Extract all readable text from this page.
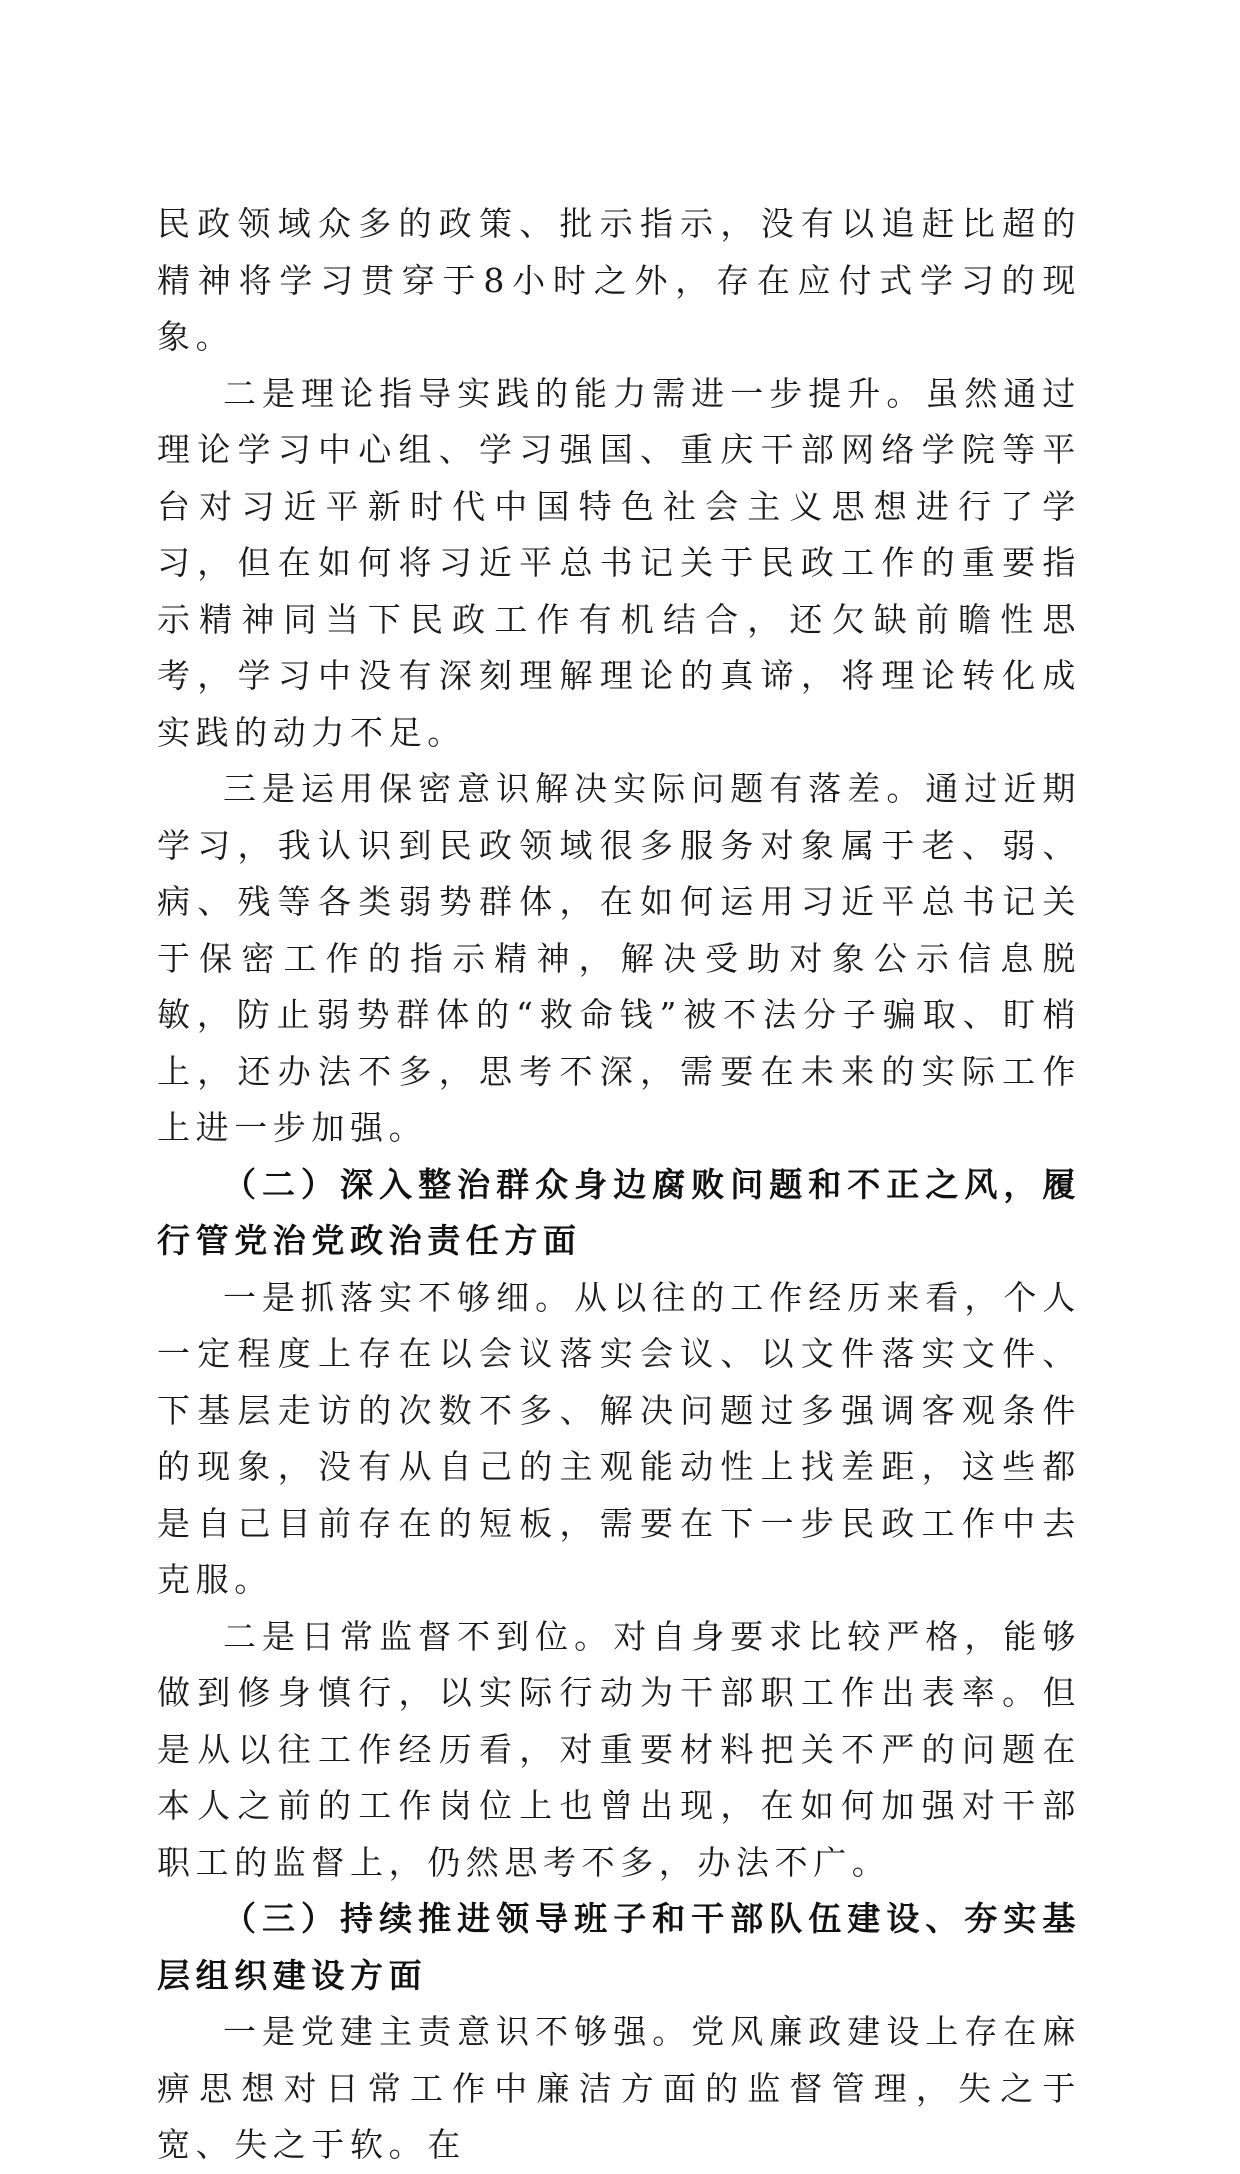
民政领域众多的政策、批示指示，没有以追赶比超的精神将学习贯穿于8小时之外，存在应付式学习的现象。

二是理论指导实践的能力需进一步提升。虽然通过理论学习中心组、学习强国、重庆干部网络学院等平台对习近平新时代中国特色社会主义思想进行了学习，但在如何将习近平总书记关于民政工作的重要指示精神同当下民政工作有机结合，还欠缺前瞻性思考，学习中没有深刻理解理论的真谛，将理论转化成实践的动力不足。

三是运用保密意识解决实际问题有落差。通过近期学习，我认识到民政领域很多服务对象属于老、弱、病、残等各类弱势群体，在如何运用习近平总书记关于保密工作的指示精神，解决受助对象公示信息脱敏，防止弱势群体的“救命钱”被不法分子骗取、盯梢上，还办法不多，思考不深，需要在未来的实际工作上进一步加强。

（二）深入整治群众身边腐败问题和不正之风，履行管党治党政治责任方面

一是抓落实不够细。从以往的工作经历来看，个人一定程度上存在以会议落实会议、以文件落实文件、下基层走访的次数不多、解决问题过多强调客观条件的现象，没有从自己的主观能动性上找差距，这些都是自己目前存在的短板，需要在下一步民政工作中去克服。

二是日常监督不到位。对自身要求比较严格，能够做到修身慎行，以实际行动为干部职工作出表率。但是从以往工作经历看，对重要材料把关不严的问题在本人之前的工作岗位上也曾出现，在如何加强对干部职工的监督上，仍然思考不多，办法不广。

（三）持续推进领导班子和干部队伍建设、夯实基层组织建设方面

一是党建主责意识不够强。党风廉政建设上存在麻痹思想对日常工作中廉洁方面的监督管理，失之于宽、失之于软。在
